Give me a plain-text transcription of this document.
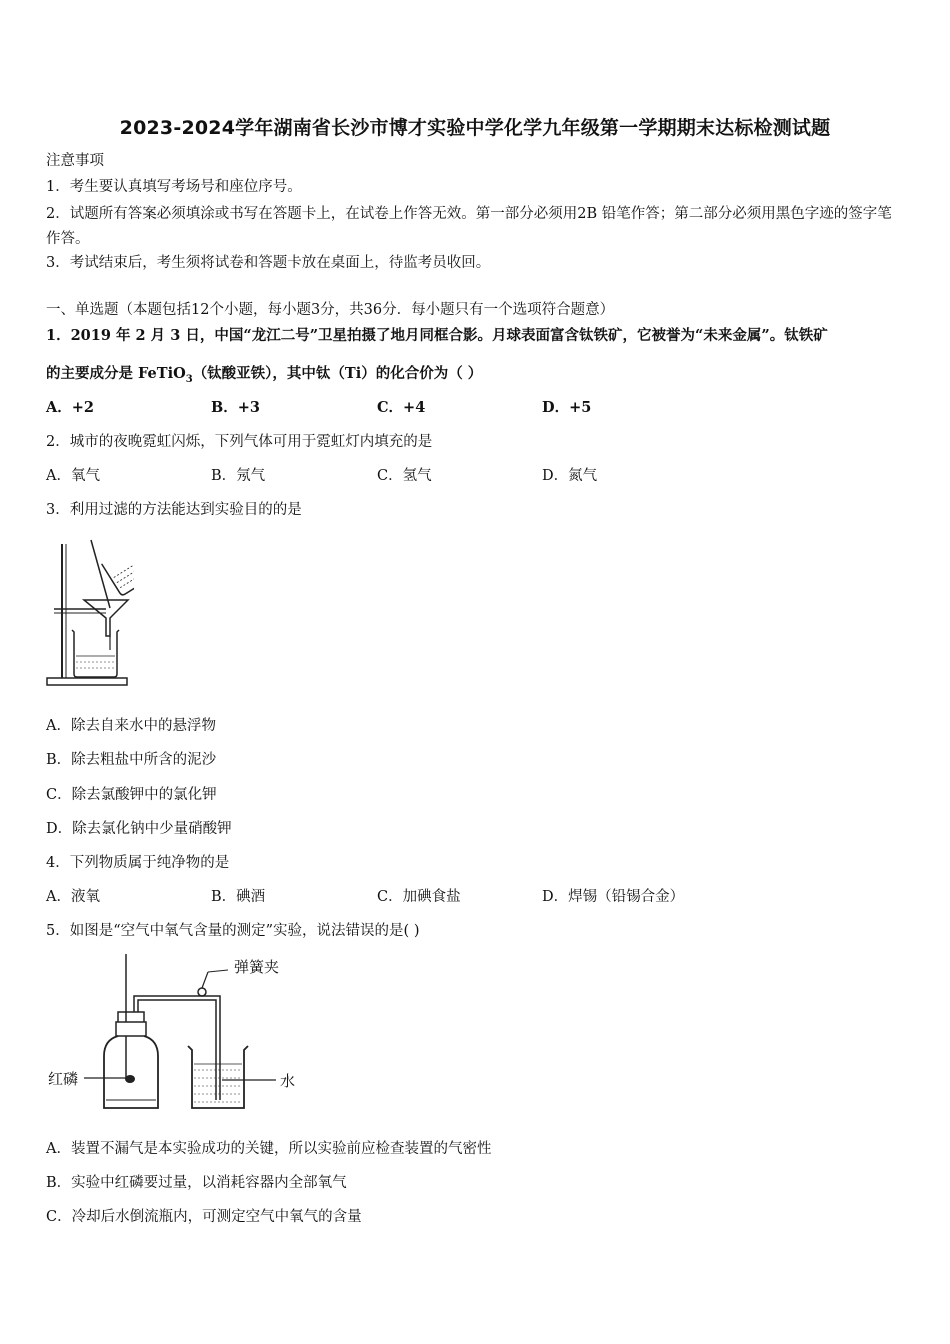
2023-2024学年湖南省长沙市博才实验中学化学九年级第一学期期末达标检测试题
注意事项
1．考生要认真填写考场号和座位序号。
2．试题所有答案必须填涂或书写在答题卡上，在试卷上作答无效。第一部分必须用2B 铅笔作答；第二部分必须用黑色字迹的签字笔作答。
3．考试结束后，考生须将试卷和答题卡放在桌面上，待监考员收回。
一、单选题（本题包括12个小题，每小题3分，共36分．每小题只有一个选项符合题意）
1．2019 年 2 月 3 日，中国“龙江二号”卫星拍摄了地月同框合影。月球表面富含钛铁矿，它被誉为“未来金属”。钛铁矿
的主要成分是 FeTiO$_3$（钛酸亚铁），其中钛（Ti）的化合价为（ ）
A．+2	B．+3	C．+4	D．+5
2．城市的夜晚霓虹闪烁，下列气体可用于霓虹灯内填充的是
A．氧气	B．氖气	C．氢气	D．氮气
3．利用过滤的方法能达到实验目的的是
A．除去自来水中的悬浮物
B．除去粗盐中所含的泥沙
C．除去氯酸钾中的氯化钾
D．除去氯化钠中少量硝酸钾
4．下列物质属于纯净物的是
A．液氧	B．碘酒	C．加碘食盐	D．焊锡（铅锡合金）
5．如图是“空气中氧气含量的测定”实验，说法错误的是( )
弹簧夹
红磷	水
A．装置不漏气是本实验成功的关键，所以实验前应检查装置的气密性
B．实验中红磷要过量，以消耗容器内全部氧气
C．冷却后水倒流瓶内，可测定空气中氧气的含量
